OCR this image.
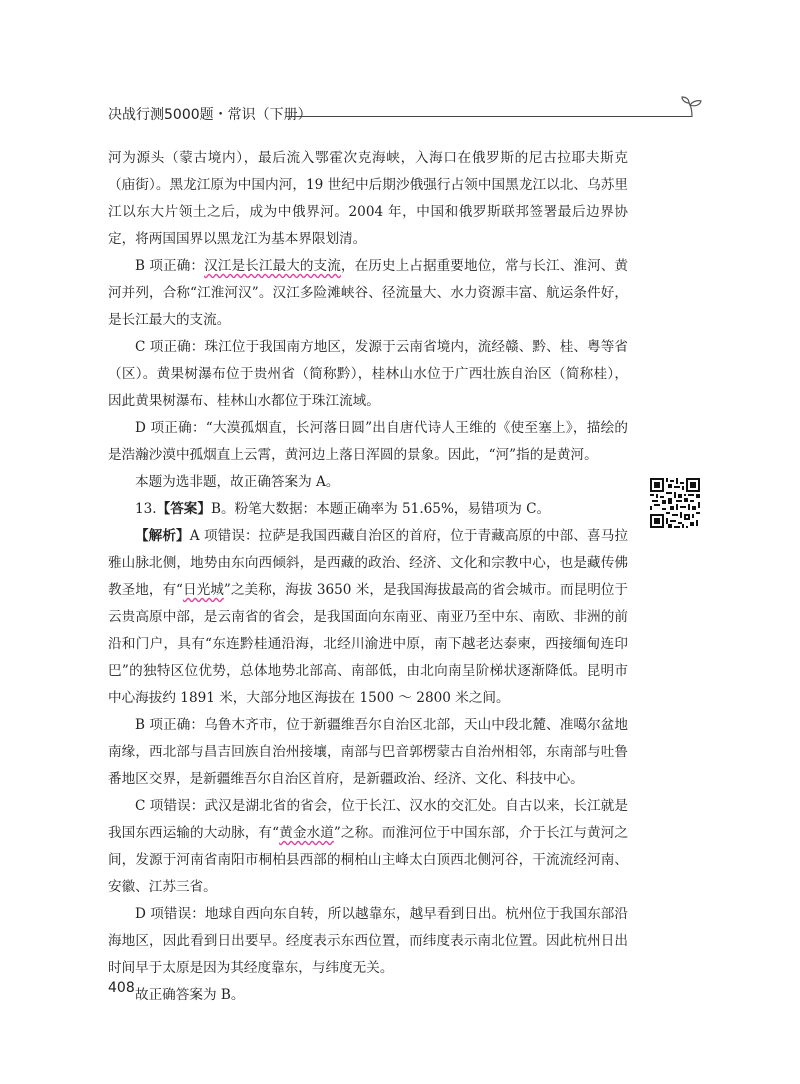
决战行测5000题・常识（下册）

河为源头（蒙古境内），最后流入鄂霍次克海峡，入海口在俄罗斯的尼古拉耶夫斯克（庙街）。黑龙江原为中国内河，19 世纪中后期沙俄强行占领中国黑龙江以北、乌苏里江以东大片领土之后，成为中俄界河。2004 年，中国和俄罗斯联邦签署最后边界协定，将两国国界以黑龙江为基本界限划清。

B 项正确：汉江是长江最大的支流，在历史上占据重要地位，常与长江、淮河、黄河并列，合称“江淮河汉”。汉江多险滩峡谷、径流量大、水力资源丰富、航运条件好，是长江最大的支流。

C 项正确：珠江位于我国南方地区，发源于云南省境内，流经赣、黔、桂、粤等省（区）。黄果树瀑布位于贵州省（简称黔），桂林山水位于广西壮族自治区（简称桂），因此黄果树瀑布、桂林山水都位于珠江流域。

D 项正确：“大漠孤烟直，长河落日圆”出自唐代诗人王维的《使至塞上》，描绘的是浩瀚沙漠中孤烟直上云霄，黄河边上落日浑圆的景象。因此，“河”指的是黄河。

本题为选非题，故正确答案为 A。

13.【答案】B。粉笔大数据：本题正确率为 51.65%，易错项为 C。

【解析】A 项错误：拉萨是我国西藏自治区的首府，位于青藏高原的中部、喜马拉雅山脉北侧，地势由东向西倾斜，是西藏的政治、经济、文化和宗教中心，也是藏传佛教圣地，有“日光城”之美称，海拔 3650 米，是我国海拔最高的省会城市。而昆明位于云贵高原中部，是云南省的省会，是我国面向东南亚、南亚乃至中东、南欧、非洲的前沿和门户，具有“东连黔桂通沿海，北经川渝进中原，南下越老达泰柬，西接缅甸连印巴”的独特区位优势，总体地势北部高、南部低，由北向南呈阶梯状逐渐降低。昆明市中心海拔约 1891 米，大部分地区海拔在 1500 ～ 2800 米之间。

B 项正确：乌鲁木齐市，位于新疆维吾尔自治区北部，天山中段北麓、准噶尔盆地南缘，西北部与昌吉回族自治州接壤，南部与巴音郭楞蒙古自治州相邻，东南部与吐鲁番地区交界，是新疆维吾尔自治区首府，是新疆政治、经济、文化、科技中心。

C 项错误：武汉是湖北省的省会，位于长江、汉水的交汇处。自古以来，长江就是我国东西运输的大动脉，有“黄金水道”之称。而淮河位于中国东部，介于长江与黄河之间，发源于河南省南阳市桐柏县西部的桐柏山主峰太白顶西北侧河谷，干流流经河南、安徽、江苏三省。

D 项错误：地球自西向东自转，所以越靠东，越早看到日出。杭州位于我国东部沿海地区，因此看到日出要早。经度表示东西位置，而纬度表示南北位置。因此杭州日出时间早于太原是因为其经度靠东，与纬度无关。

故正确答案为 B。

408
